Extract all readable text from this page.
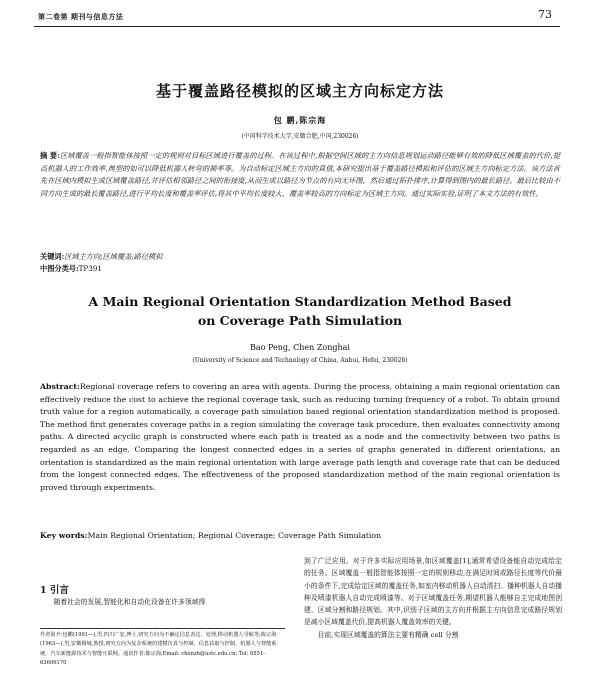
第二卷第 期刊与信息方法	73
基于覆盖路径模拟的区域主方向标定方法
包 鹏,陈宗海
(中国科学技术大学,安徽合肥,中国,230026)
摘 要:区域覆盖一般指智能体按照一定的规则对目标区域进行覆盖的过程。在该过程中,根据空间区域的主方向信息规划运动路径能够有效的降低区域覆盖的代价,提高机器人的工作效率,典型的如可以降低机器人转弯的频率等。为自动标定区域主方向的真值,本研究提出基于覆盖路径模拟和评估的区域主方向标定方法。该方法首先在区域内模拟生成区域覆盖路径,并评估相邻路径之间的衔接度,从而生成以路径为节点的有向无环图。然后通过拓扑排序,计算得到图内的最长路径。最后比较由不同方向生成的最长覆盖路径,进行平均长度和覆盖率评估,将其中平均长度较大、覆盖率较高的方向标定为区域主方向。通过实际实验,证明了本文方法的有效性。
关键词:区域主方向;区域覆盖;路径模拟
中图分类号:TP391
A Main Regional Orientation Standardization Method Based
on Coverage Path Simulation
Bao Peng, Chen Zonghai
(University of Science and Technology of China, Anhui, Hefei, 230026)
Abstract:Regional coverage refers to covering an area with agents. During the process, obtaining a main regional orientation can effectively reduce the cost to achieve the regional coverage task, such as reducing turning frequency of a robot. To obtain ground truth value for a region automatically, a coverage path simulation based regional orientation standardization method is proposed. The method first generates coverage paths in a region simulating the coverage task procedure, then evaluates connectivity among paths. A directed acyclic graph is constructed where each path is treated as a node and the connectivity between two paths is regarded as an edge. Comparing the longest connected edges in a series of graphs generated in different orientations, an orientation is standardized as the main regional orientation with large average path length and coverage rate that can be deduced from the longest connected edges. The effectiveness of the proposed standardization method of the main regional orientation is proved through experiments.
Key words:Main Regional Orientation; Regional Coverage; Coverage Path Simulation
1 引言
随着社会的发展,智能化和自动化设备在许多领域得
到了广泛应用。对于许多实际应用场景,如区域覆盖[1],通常希望设备能自动完成给定的任务。区域覆盖一般指智能体按照一定的规则移动,在满足时间或路径长度等代价最小的条件下,完成给定区域的覆盖任务,如室内移动机器人自动清扫、播种机器人自动播种及喷漆机器人自动完成喷漆等。对于区域覆盖任务,期望机器人能够自主完成地图创建、区域分割和路径规划。其中,识别子区域的主方向并根据主方向信息完成路径规划是减小区域覆盖代价,提高机器人覆盖效率的关键。
目前,实现区域覆盖的算法主要有精确 cell 分割
作者简介:包鹏(1991—),男,四川广安,博士,研究方向为不确定信息表达、处理,移动机器人导航等;陈宗海(1963—),男,安徽桐城,教授,研究方向为复杂系统的建模仿真与控制、信息获取与控制、机器人与智能系统、汽车新能源技术与智能互联网。通讯作者:陈宗海,Email: chenzh@ustc.edu.cn; Tel: 0551-63606170
